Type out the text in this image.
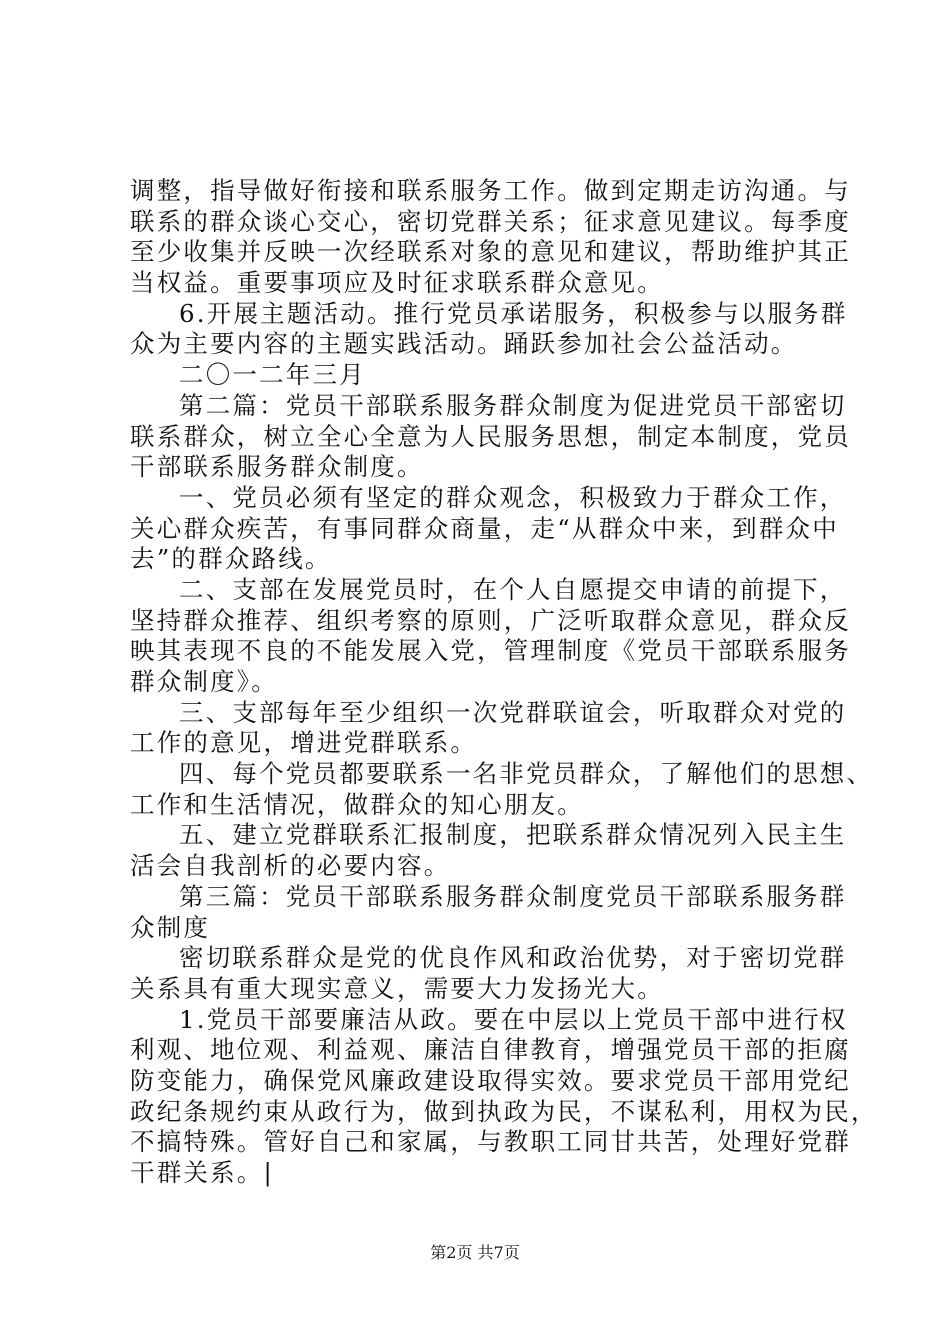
调整，指导做好衔接和联系服务工作。做到定期走访沟通。与
联系的群众谈心交心，密切党群关系；征求意见建议。每季度
至少收集并反映一次经联系对象的意见和建议，帮助维护其正
当权益。重要事项应及时征求联系群众意见。
6.开展主题活动。推行党员承诺服务，积极参与以服务群
众为主要内容的主题实践活动。踊跃参加社会公益活动。
二〇一二年三月
第二篇：党员干部联系服务群众制度为促进党员干部密切
联系群众，树立全心全意为人民服务思想，制定本制度，党员
干部联系服务群众制度。
一、党员必须有坚定的群众观念，积极致力于群众工作，
关心群众疾苦，有事同群众商量，走“从群众中来，到群众中
去”的群众路线。
二、支部在发展党员时，在个人自愿提交申请的前提下，
坚持群众推荐、组织考察的原则，广泛听取群众意见，群众反
映其表现不良的不能发展入党，管理制度《党员干部联系服务
群众制度》。
三、支部每年至少组织一次党群联谊会，听取群众对党的
工作的意见，增进党群联系。
四、每个党员都要联系一名非党员群众，了解他们的思想、
工作和生活情况，做群众的知心朋友。
五、建立党群联系汇报制度，把联系群众情况列入民主生
活会自我剖析的必要内容。
第三篇：党员干部联系服务群众制度党员干部联系服务群
众制度
密切联系群众是党的优良作风和政治优势，对于密切党群
关系具有重大现实意义，需要大力发扬光大。
1.党员干部要廉洁从政。要在中层以上党员干部中进行权
利观、地位观、利益观、廉洁自律教育，增强党员干部的拒腐
防变能力，确保党风廉政建设取得实效。要求党员干部用党纪
政纪条规约束从政行为，做到执政为民，不谋私利，用权为民，
不搞特殊。管好自己和家属，与教职工同甘共苦，处理好党群
干群关系。|
第2页 共7页
